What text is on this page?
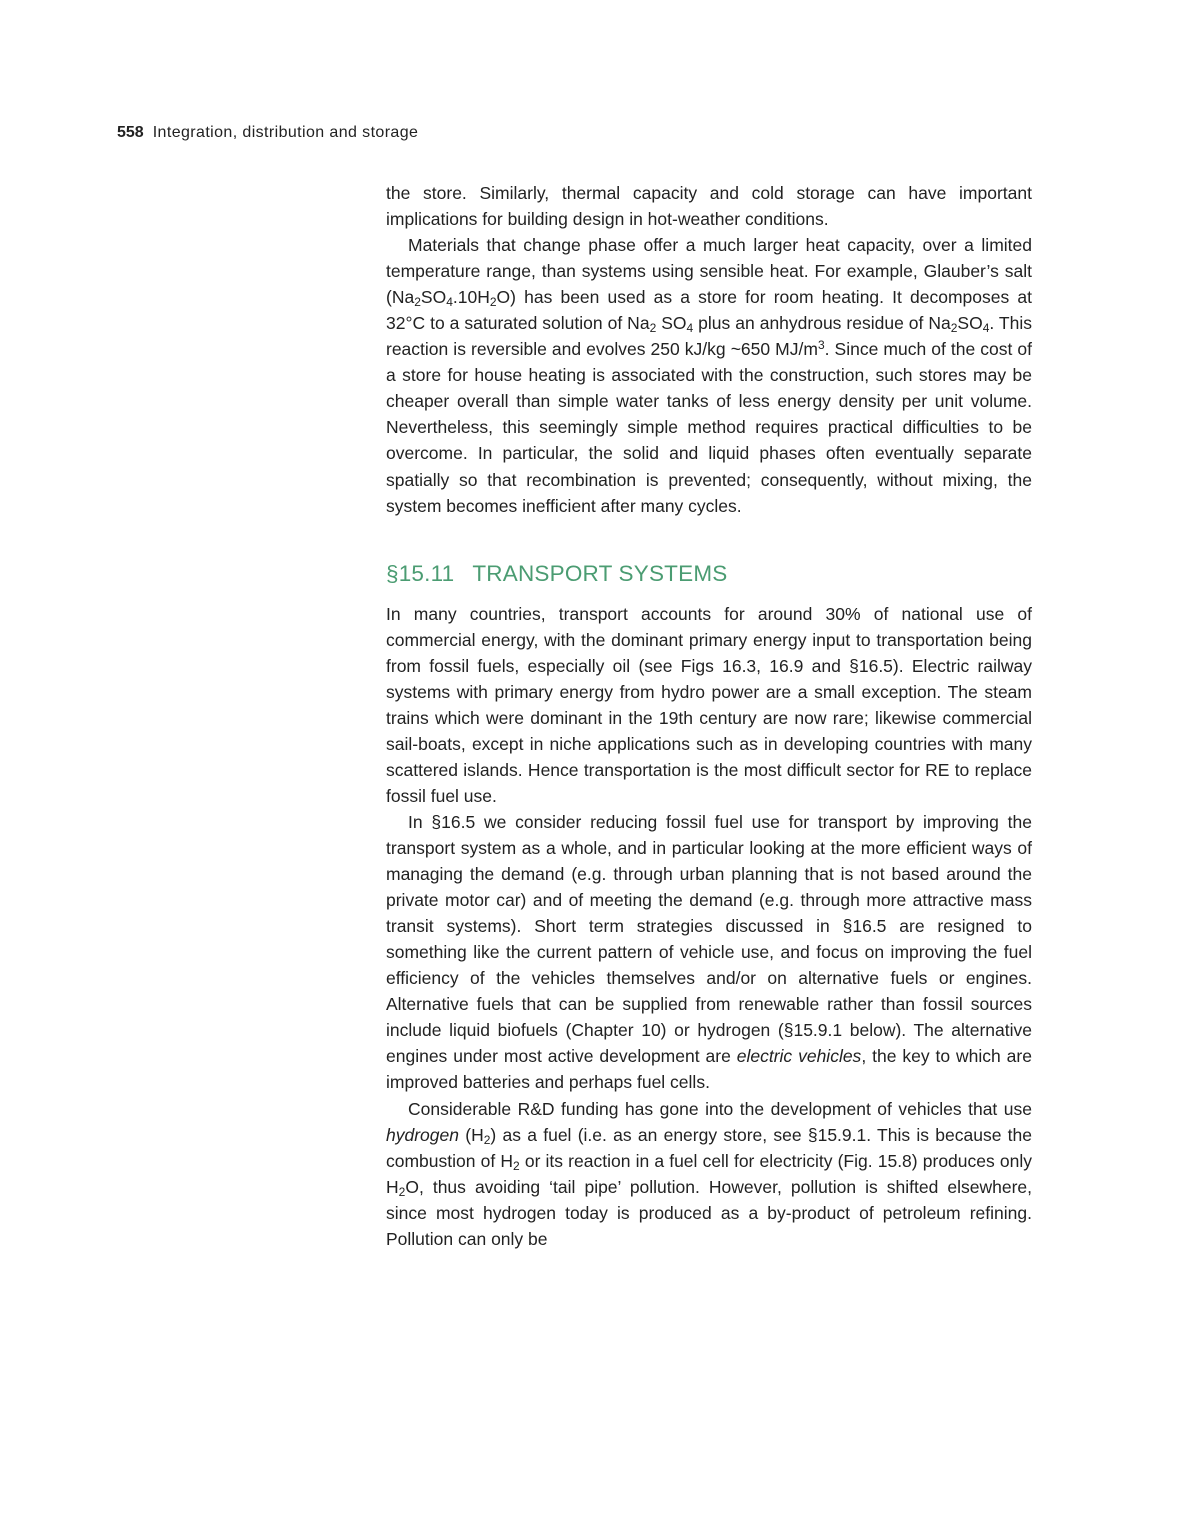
558 Integration, distribution and storage

the store. Similarly, thermal capacity and cold storage can have important implications for building design in hot-weather conditions.

Materials that change phase offer a much larger heat capacity, over a limited temperature range, than systems using sensible heat. For example, Glauber’s salt $(Na_2SO_4.10H_2O)$ has been used as a store for room heating. It decomposes at 32°C to a saturated solution of $Na_2$ $SO_4$ plus an anhydrous residue of $Na_2SO_4$. This reaction is reversible and evolves 250 kJ/kg ~650 $MJ/m^3$. Since much of the cost of a store for house heating is associated with the construction, such stores may be cheaper overall than simple water tanks of less energy density per unit volume. Nevertheless, this seemingly simple method requires practical difficulties to be overcome. In particular, the solid and liquid phases often eventually separate spatially so that recombination is prevented; consequently, without mixing, the system becomes inefficient after many cycles.

§15.11 TRANSPORT SYSTEMS

In many countries, transport accounts for around 30% of national use of commercial energy, with the dominant primary energy input to transportation being from fossil fuels, especially oil (see Figs 16.3, 16.9 and §16.5). Electric railway systems with primary energy from hydro power are a small exception. The steam trains which were dominant in the 19th century are now rare; likewise commercial sail-boats, except in niche applications such as in developing countries with many scattered islands. Hence transportation is the most difficult sector for RE to replace fossil fuel use.

In §16.5 we consider reducing fossil fuel use for transport by improving the transport system as a whole, and in particular looking at the more efficient ways of managing the demand (e.g. through urban planning that is not based around the private motor car) and of meeting the demand (e.g. through more attractive mass transit systems). Short term strategies discussed in §16.5 are resigned to something like the current pattern of vehicle use, and focus on improving the fuel efficiency of the vehicles themselves and/or on alternative fuels or engines. Alternative fuels that can be supplied from renewable rather than fossil sources include liquid biofuels (Chapter 10) or hydrogen (§15.9.1 below). The alternative engines under most active development are electric vehicles, the key to which are improved batteries and perhaps fuel cells.

Considerable R&D funding has gone into the development of vehicles that use hydrogen $(H_2)$ as a fuel (i.e. as an energy store, see §15.9.1. This is because the combustion of $H_2$ or its reaction in a fuel cell for electricity (Fig. 15.8) produces only $H_2O$, thus avoiding ‘tail pipe’ pollution. However, pollution is shifted elsewhere, since most hydrogen today is produced as a by-product of petroleum refining. Pollution can only be
